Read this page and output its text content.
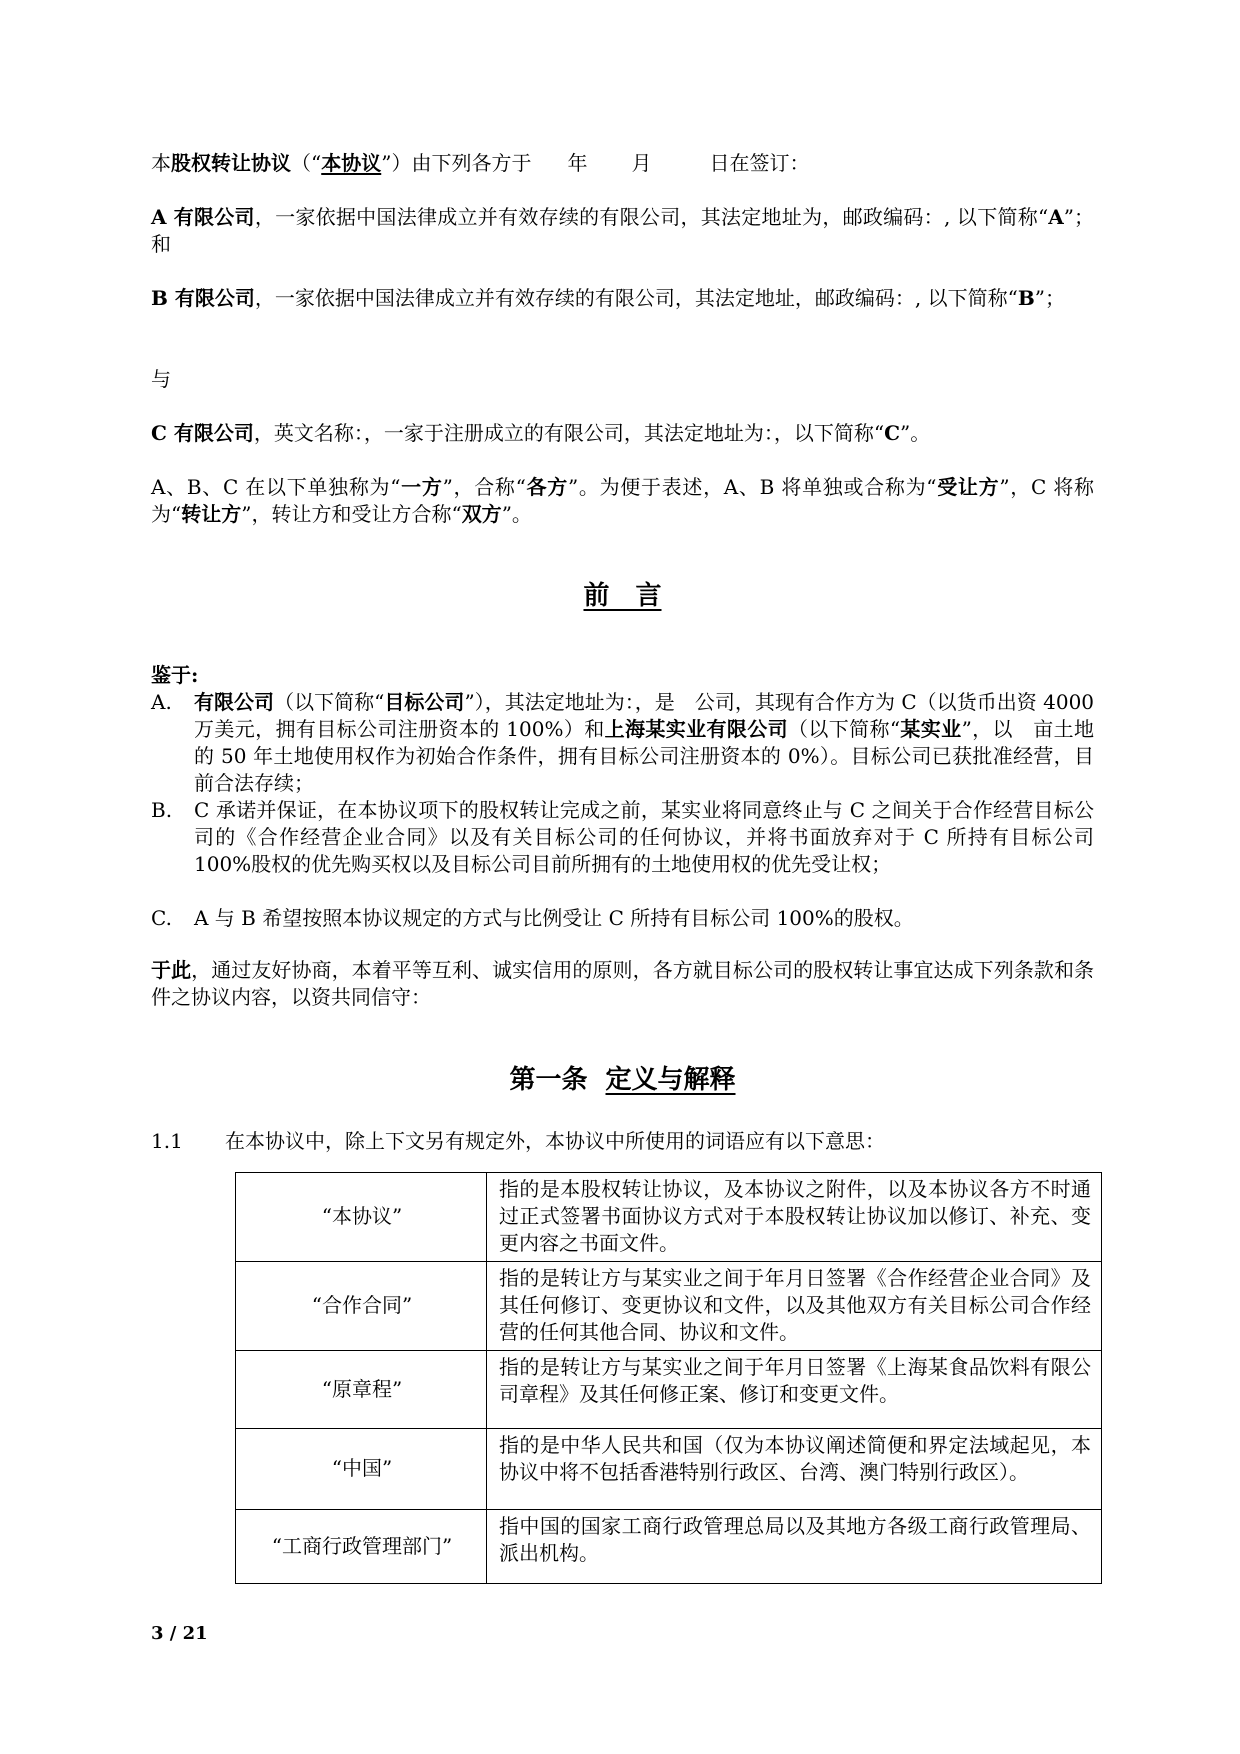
本股权转让协议（“本协议”）由下列各方于 年 月	日在签订：

A 有限公司，一家依据中国法律成立并有效存续的有限公司，其法定地址为，邮政编码：, 以下简称“A”；和

B 有限公司，一家依据中国法律成立并有效存续的有限公司，其法定地址，邮政编码：, 以下简称“B”；

与

C 有限公司，英文名称：，一家于注册成立的有限公司，其法定地址为：，以下简称“C”。

A、B、C 在以下单独称为“一方”，合称“各方”。为便于表述，A、B 将单独或合称为“受让方”，C 将称为“转让方”，转让方和受让方合称“双方”。

前　言

鉴于:

A. 有限公司（以下简称“目标公司”），其法定地址为：，是　公司，其现有合作方为 C（以货币出资 4000 万美元，拥有目标公司注册资本的 100%）和上海某实业有限公司（以下简称“某实业”，以　亩土地的 50 年土地使用权作为初始合作条件，拥有目标公司注册资本的 0%）。目标公司已获批准经营，目前合法存续；

B. C 承诺并保证，在本协议项下的股权转让完成之前，某实业将同意终止与 C 之间关于合作经营目标公司的《合作经营企业合同》以及有关目标公司的任何协议，并将书面放弃对于 C 所持有目标公司 100%股权的优先购买权以及目标公司目前所拥有的土地使用权的优先受让权；

C. A 与 B 希望按照本协议规定的方式与比例受让 C 所持有目标公司 100%的股权。

于此，通过友好协商，本着平等互利、诚实信用的原则，各方就目标公司的股权转让事宜达成下列条款和条件之协议内容，以资共同信守：

第一条 定义与解释
1.1 在本协议中，除上下文另有规定外，本协议中所使用的词语应有以下意思：
“本协议”	指的是本股权转让协议，及本协议之附件，以及本协议各方不时通过正式签署书面协议方式对于本股权转让协议加以修订、补充、变更内容之书面文件。
“合作合同”	指的是转让方与某实业之间于年月日签署《合作经营企业合同》及其任何修订、变更协议和文件，以及其他双方有关目标公司合作经营的任何其他合同、协议和文件。
“原章程”	指的是转让方与某实业之间于年月日签署《上海某食品饮料有限公司章程》及其任何修正案、修订和变更文件。
“中国”	指的是中华人民共和国（仅为本协议阐述简便和界定法域起见，本协议中将不包括香港特别行政区、台湾、澳门特别行政区）。
“工商行政管理部门”	指中国的国家工商行政管理总局以及其地方各级工商行政管理局、派出机构。
3 / 21
